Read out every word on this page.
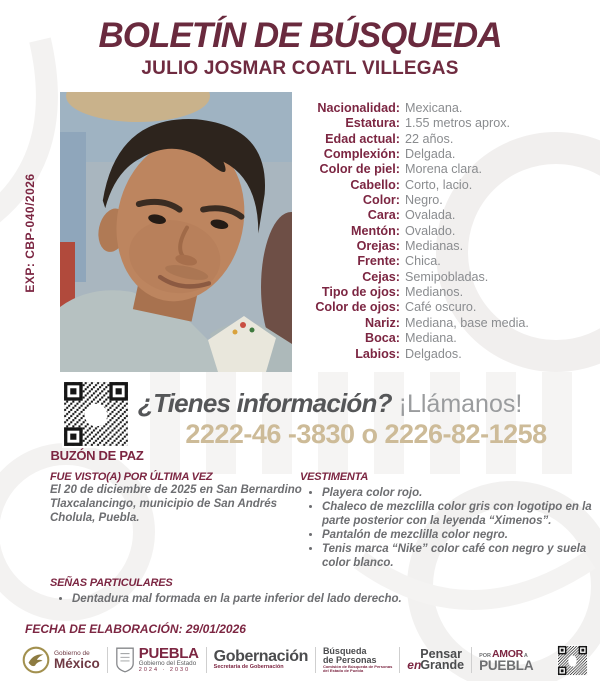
BOLETÍN DE BÚSQUEDA
JULIO JOSMAR COATL VILLEGAS
EXP: CBP-040/2026
Nacionalidad: Mexicana.
Estatura: 1.55 metros aprox.
Edad actual: 22 años.
Complexión: Delgada.
Color de piel: Morena clara.
Cabello: Corto, lacio.
Color: Negro.
Cara: Ovalada.
Mentón: Ovalado.
Orejas: Medianas.
Frente: Chica.
Cejas: Semipobladas.
Tipo de ojos: Medianos.
Color de ojos: Café oscuro.
Nariz: Mediana, base media.
Boca: Mediana.
Labios: Delgados.
BUZÓN DE PAZ
¿Tienes información? ¡Llámanos!
2222-46 -3830 o 2226-82-1258
FUE VISTO(A) POR ÚLTIMA VEZ
El 20 de diciembre de 2025 en San Bernardino Tlaxcalancingo, municipio de San Andrés Cholula, Puebla.
VESTIMENTA
• Playera color rojo.
• Chaleco de mezclilla color gris con logotipo en la parte posterior con la leyenda “Ximenos”.
• Pantalón de mezclilla color negro.
• Tenis marca “Nike” color café con negro y suela color blanco.
SEÑAS PARTICULARES
• Dentadura mal formada en la parte inferior del lado derecho.
FECHA DE ELABORACIÓN: 29/01/2026
Gobierno de
México
PUEBLA
Gobierno del Estado
2024 · 2030
Gobernación
Secretaría de Gobernación
Búsqueda
de Personas
Comisión de Búsqueda de Personas
del Estado de Puebla
Pensar
enGrande
POR AMOR A
PUEBLA
